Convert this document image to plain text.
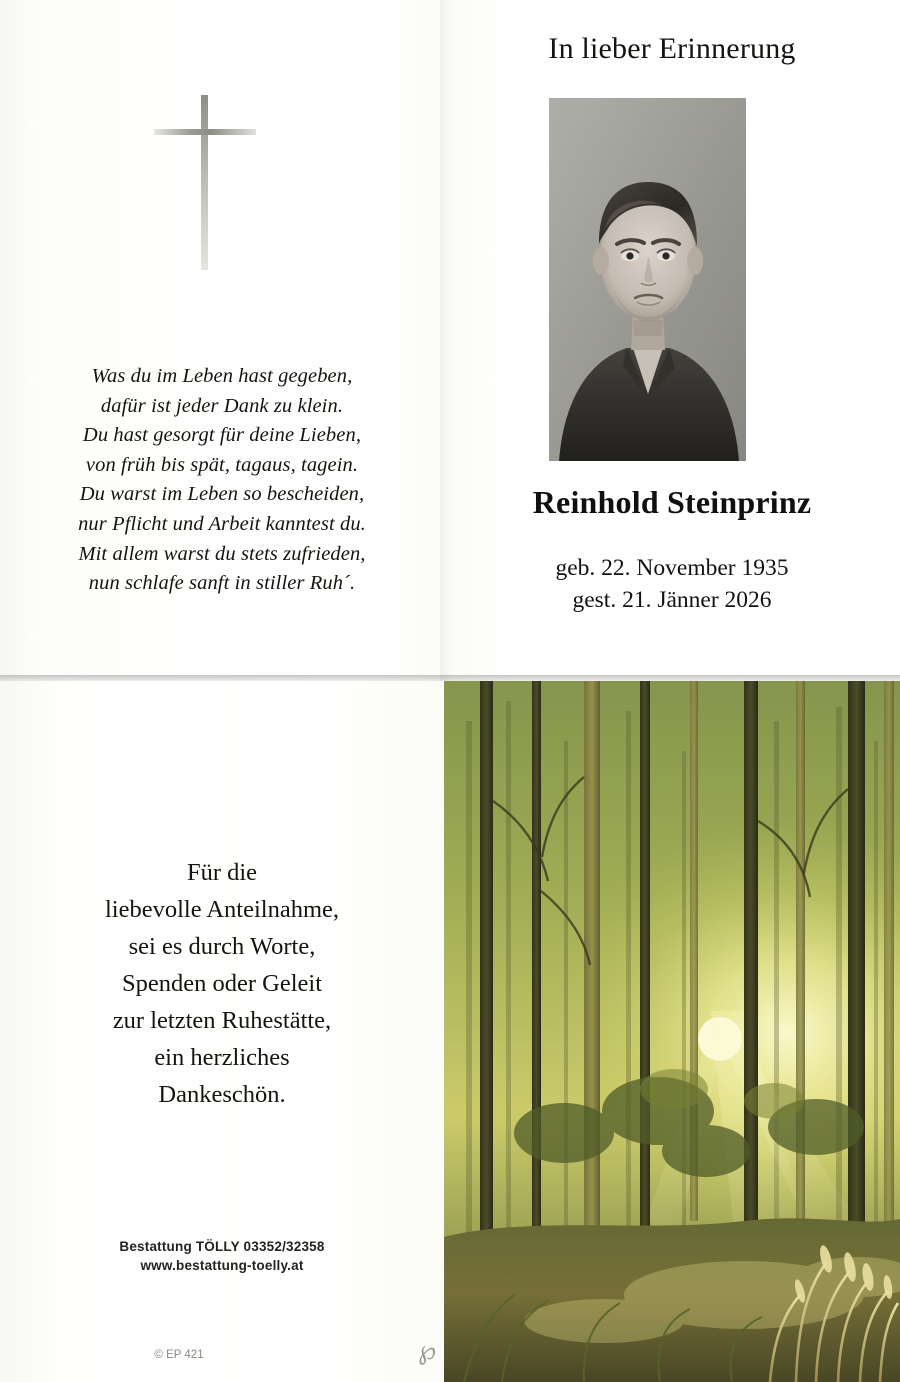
Was du im Leben hast gegeben,
dafür ist jeder Dank zu klein.
Du hast gesorgt für deine Lieben,
von früh bis spät, tagaus, tagein.
Du warst im Leben so bescheiden,
nur Pflicht und Arbeit kanntest du.
Mit allem warst du stets zufrieden,
nun schlafe sanft in stiller Ruh´.
In lieber Erinnerung
Reinhold Steinprinz
geb. 22. November 1935
gest. 21. Jänner 2026
Für die
liebevolle Anteilnahme,
sei es durch Worte,
Spenden oder Geleit
zur letzten Ruhestätte,
ein herzliches
Dankeschön.
Bestattung TÖLLY 03352/32358
www.bestattung-toelly.at
© EP 421	℘
